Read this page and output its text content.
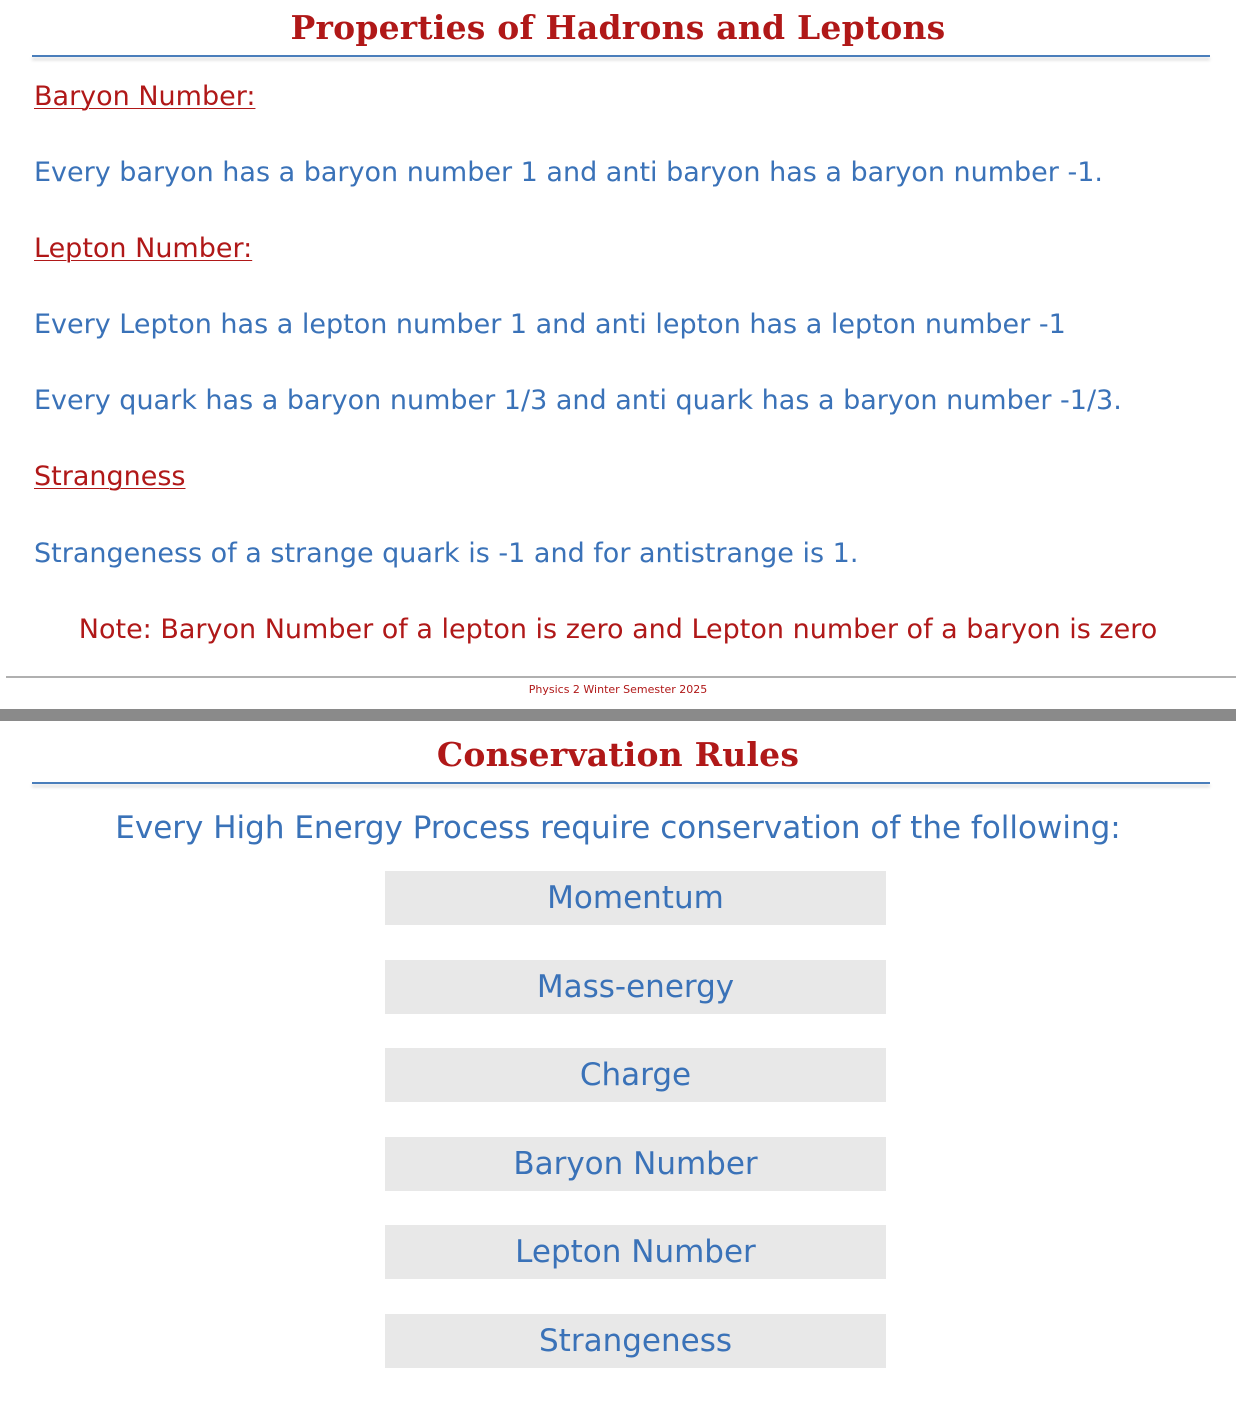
Properties of Hadrons and Leptons

Baryon Number:

Every baryon has a baryon number 1 and anti baryon has a baryon number -1.

Lepton Number:

Every Lepton has a lepton number 1 and anti lepton has a lepton number -1

Every quark has a baryon number 1/3 and anti quark has a baryon number -1/3.

Strangness

Strangeness of a strange quark is -1 and for antistrange is 1.

Note: Baryon Number of a lepton is zero and Lepton number of a baryon is zero

Physics 2 Winter Semester 2025

Conservation Rules

Every High Energy Process require conservation of the following:

Momentum
Mass-energy
Charge
Baryon Number
Lepton Number
Strangeness
